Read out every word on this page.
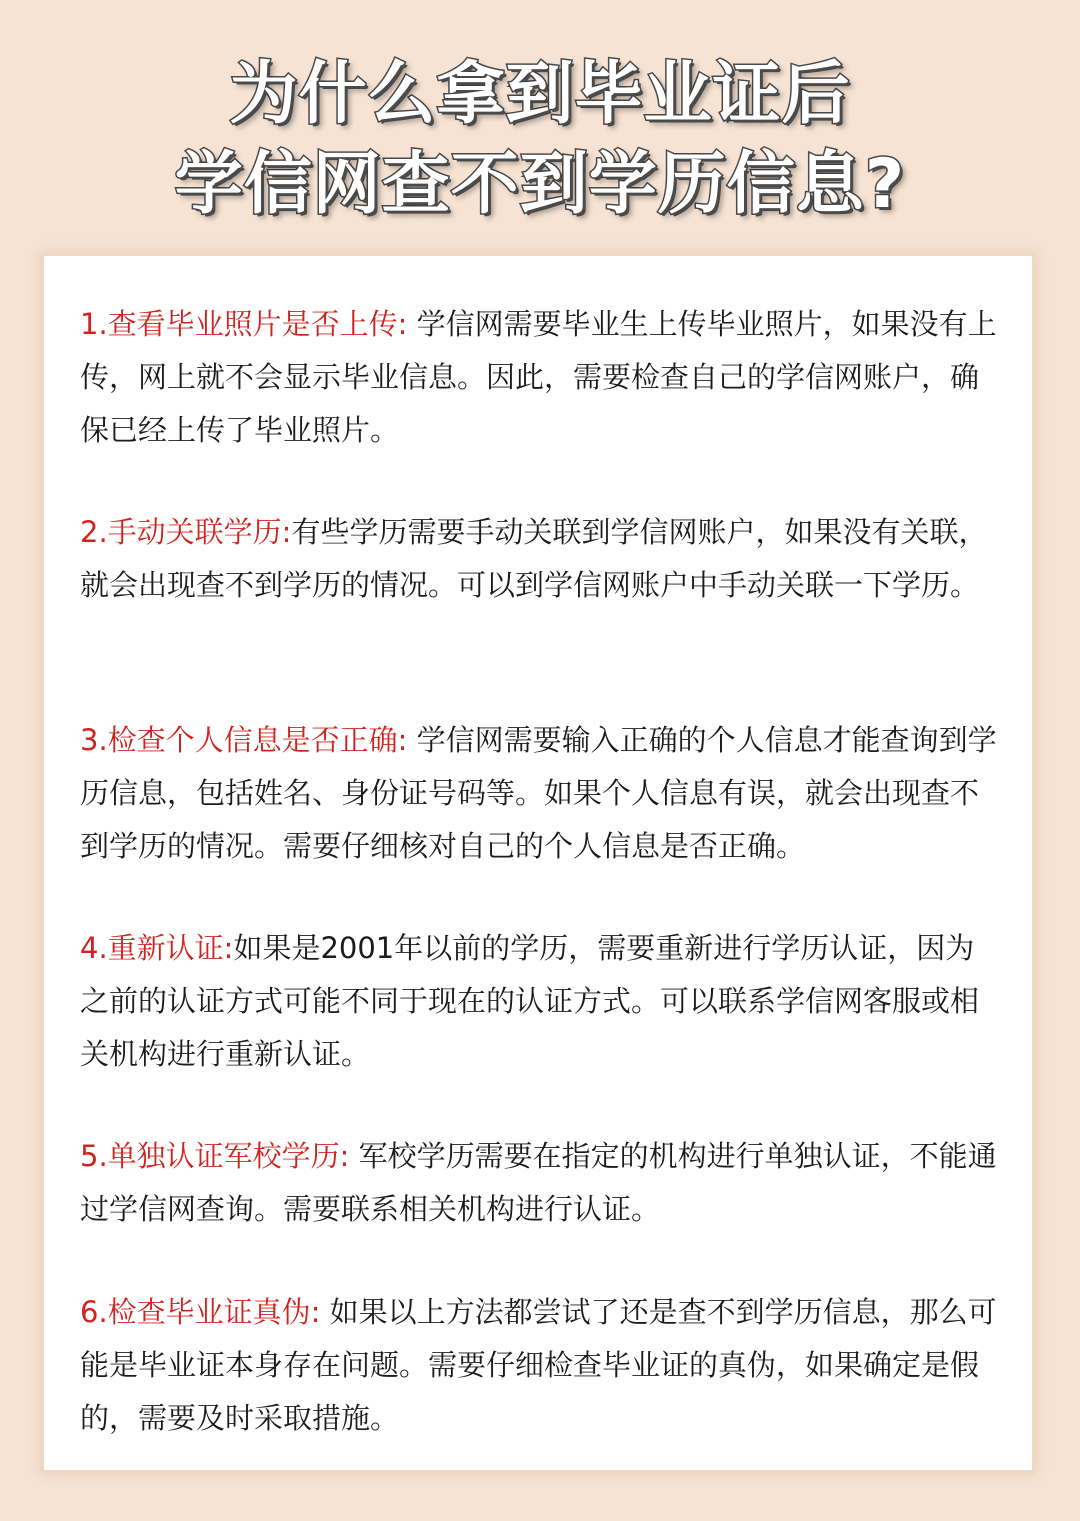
为什么拿到毕业证后
学信网查不到学历信息?

1.查看毕业照片是否上传: 学信网需要毕业生上传毕业照片，如果没有上传，网上就不会显示毕业信息。因此，需要检查自己的学信网账户，确保已经上传了毕业照片。

2.手动关联学历:有些学历需要手动关联到学信网账户，如果没有关联，就会出现查不到学历的情况。可以到学信网账户中手动关联一下学历。

3.检查个人信息是否正确: 学信网需要输入正确的个人信息才能查询到学历信息，包括姓名、身份证号码等。如果个人信息有误，就会出现查不到学历的情况。需要仔细核对自己的个人信息是否正确。

4.重新认证:如果是2001年以前的学历，需要重新进行学历认证，因为之前的认证方式可能不同于现在的认证方式。可以联系学信网客服或相关机构进行重新认证。

5.单独认证军校学历: 军校学历需要在指定的机构进行单独认证，不能通过学信网查询。需要联系相关机构进行认证。

6.检查毕业证真伪: 如果以上方法都尝试了还是查不到学历信息，那么可能是毕业证本身存在问题。需要仔细检查毕业证的真伪，如果确定是假的，需要及时采取措施。
